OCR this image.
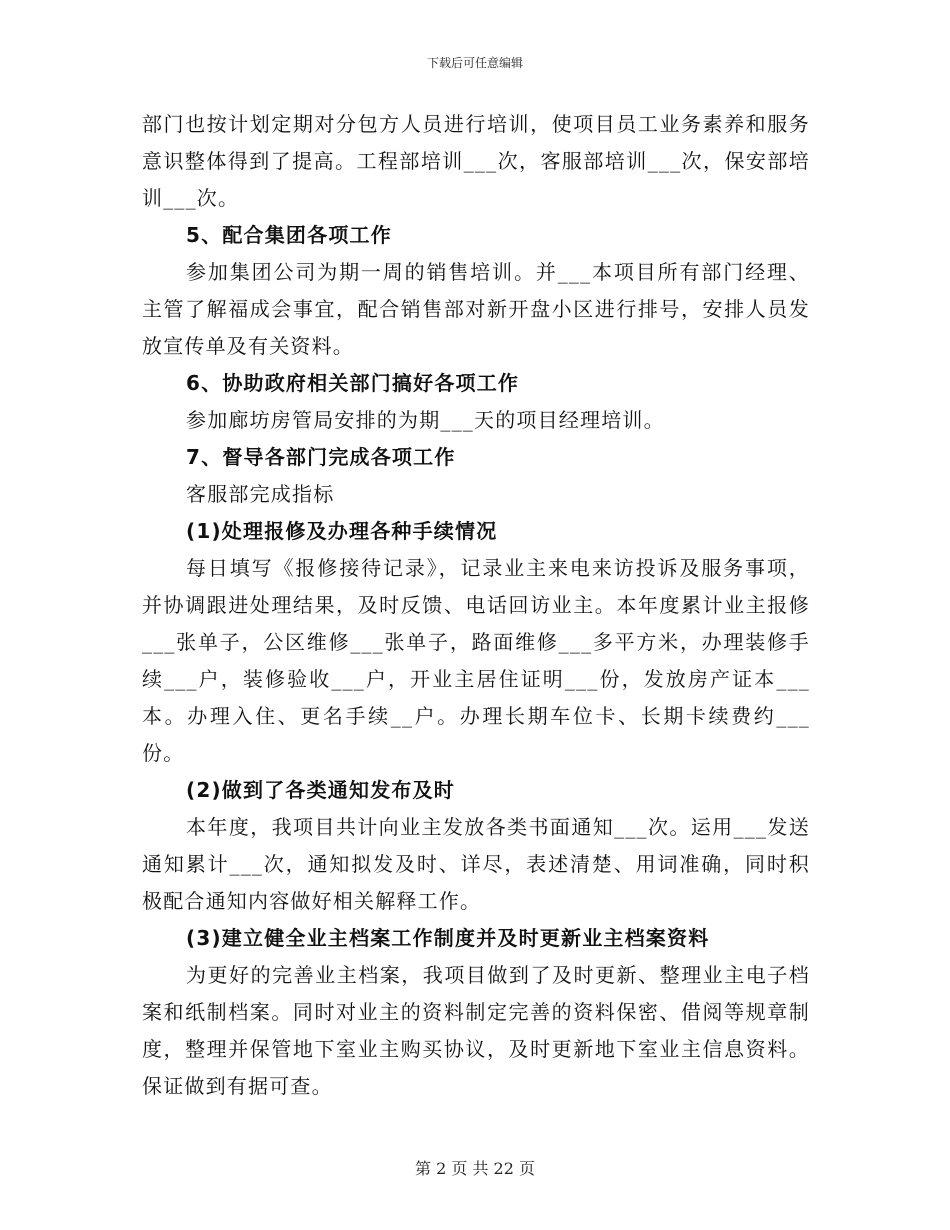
下载后可任意编辑

部门也按计划定期对分包方人员进行培训，使项目员工业务素养和服务意识整体得到了提高。工程部培训___次，客服部培训___次，保安部培训___次。

5、配合集团各项工作

参加集团公司为期一周的销售培训。并___本项目所有部门经理、主管了解福成会事宜，配合销售部对新开盘小区进行排号，安排人员发放宣传单及有关资料。

6、协助政府相关部门搞好各项工作

参加廊坊房管局安排的为期___天的项目经理培训。

7、督导各部门完成各项工作

客服部完成指标

(1)处理报修及办理各种手续情况

每日填写《报修接待记录》，记录业主来电来访投诉及服务事项，并协调跟进处理结果，及时反馈、电话回访业主。本年度累计业主报修___张单子，公区维修___张单子，路面维修___多平方米，办理装修手续___户，装修验收___户，开业主居住证明___份，发放房产证本___本。办理入住、更名手续__户。办理长期车位卡、长期卡续费约___份。

(2)做到了各类通知发布及时

本年度，我项目共计向业主发放各类书面通知___次。运用___发送通知累计___次，通知拟发及时、详尽，表述清楚、用词准确，同时积极配合通知内容做好相关解释工作。

(3)建立健全业主档案工作制度并及时更新业主档案资料

为更好的完善业主档案，我项目做到了及时更新、整理业主电子档案和纸制档案。同时对业主的资料制定完善的资料保密、借阅等规章制度，整理并保管地下室业主购买协议，及时更新地下室业主信息资料。保证做到有据可查。

第 2 页 共 22 页
